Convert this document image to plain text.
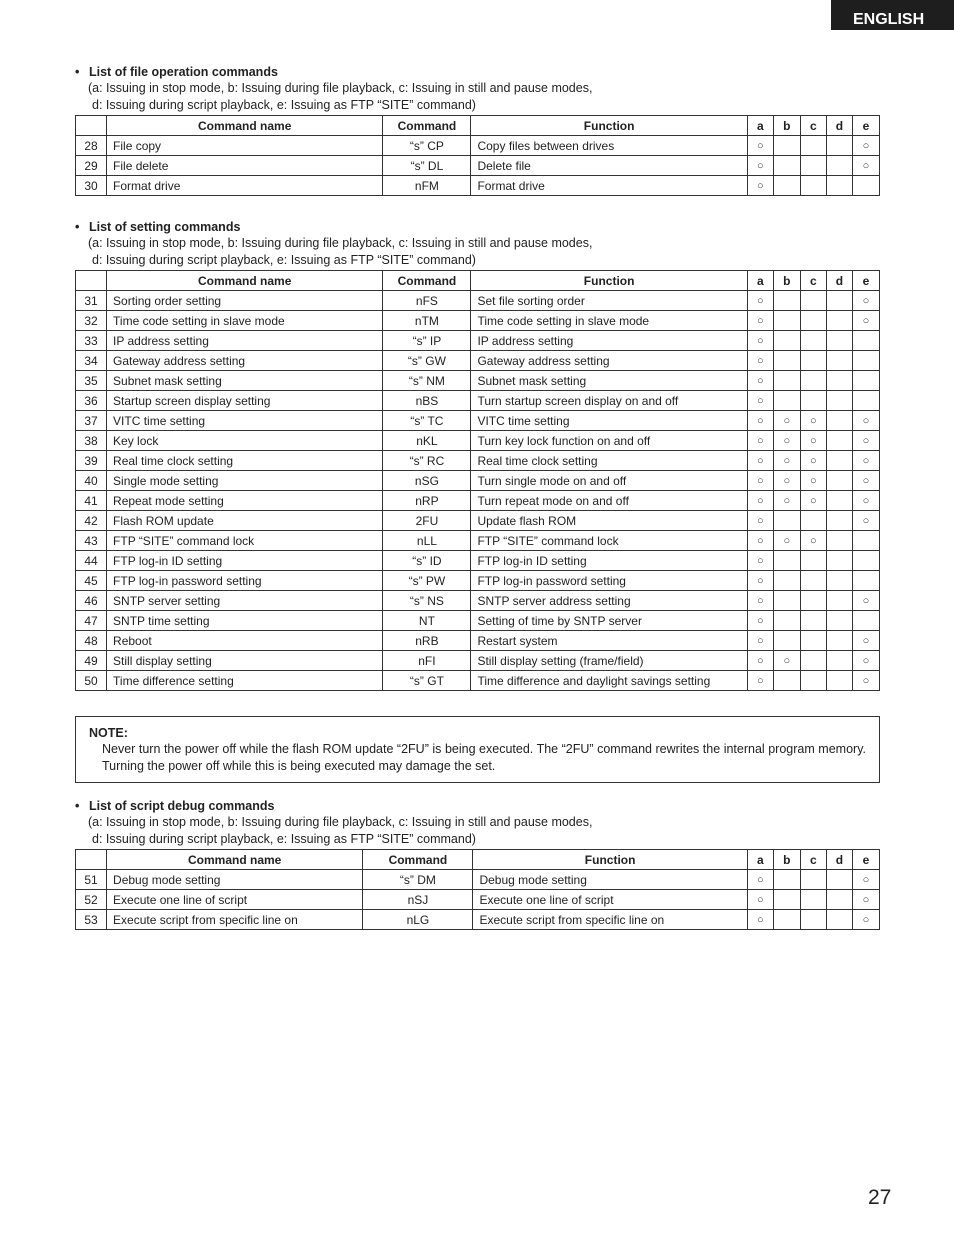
ENGLISH
• List of file operation commands
(a: Issuing in stop mode, b: Issuing during file playback, c: Issuing in still and pause modes,
d: Issuing during script playback, e: Issuing as FTP “SITE” command)
	Command name	Command	Function	a	b	c	d	e
28	File copy	“s” CP	Copy files between drives	○				○
29	File delete	“s” DL	Delete file	○				○
30	Format drive	nFM	Format drive	○				
• List of setting commands
(a: Issuing in stop mode, b: Issuing during file playback, c: Issuing in still and pause modes,
d: Issuing during script playback, e: Issuing as FTP “SITE” command)
	Command name	Command	Function	a	b	c	d	e
31	Sorting order setting	nFS	Set file sorting order	○				○
32	Time code setting in slave mode	nTM	Time code setting in slave mode	○				○
33	IP address setting	“s” IP	IP address setting	○				
34	Gateway address setting	“s” GW	Gateway address setting	○				
35	Subnet mask setting	“s” NM	Subnet mask setting	○				
36	Startup screen display setting	nBS	Turn startup screen display on and off	○				
37	VITC time setting	“s” TC	VITC time setting	○	○	○		○
38	Key lock	nKL	Turn key lock function on and off	○	○	○		○
39	Real time clock setting	“s” RC	Real time clock setting	○	○	○		○
40	Single mode setting	nSG	Turn single mode on and off	○	○	○		○
41	Repeat mode setting	nRP	Turn repeat mode on and off	○	○	○		○
42	Flash ROM update	2FU	Update flash ROM	○				○
43	FTP “SITE” command lock	nLL	FTP “SITE” command lock	○	○	○		
44	FTP log-in ID setting	“s” ID	FTP log-in ID setting	○				
45	FTP log-in password setting	“s” PW	FTP log-in password setting	○				
46	SNTP server setting	“s” NS	SNTP server address setting	○				○
47	SNTP time setting	NT	Setting of time by SNTP server	○				
48	Reboot	nRB	Restart system	○				○
49	Still display setting	nFI	Still display setting (frame/field)	○	○			○
50	Time difference setting	“s” GT	Time difference and daylight savings setting	○				○
NOTE:
Never turn the power off while the flash ROM update “2FU” is being executed. The “2FU” command rewrites the internal program memory. Turning the power off while this is being executed may damage the set.
• List of script debug commands
(a: Issuing in stop mode, b: Issuing during file playback, c: Issuing in still and pause modes,
d: Issuing during script playback, e: Issuing as FTP “SITE” command)
	Command name	Command	Function	a	b	c	d	e
51	Debug mode setting	“s” DM	Debug mode setting	○				○
52	Execute one line of script	nSJ	Execute one line of script	○				○
53	Execute script from specific line on	nLG	Execute script from specific line on	○				○
27
